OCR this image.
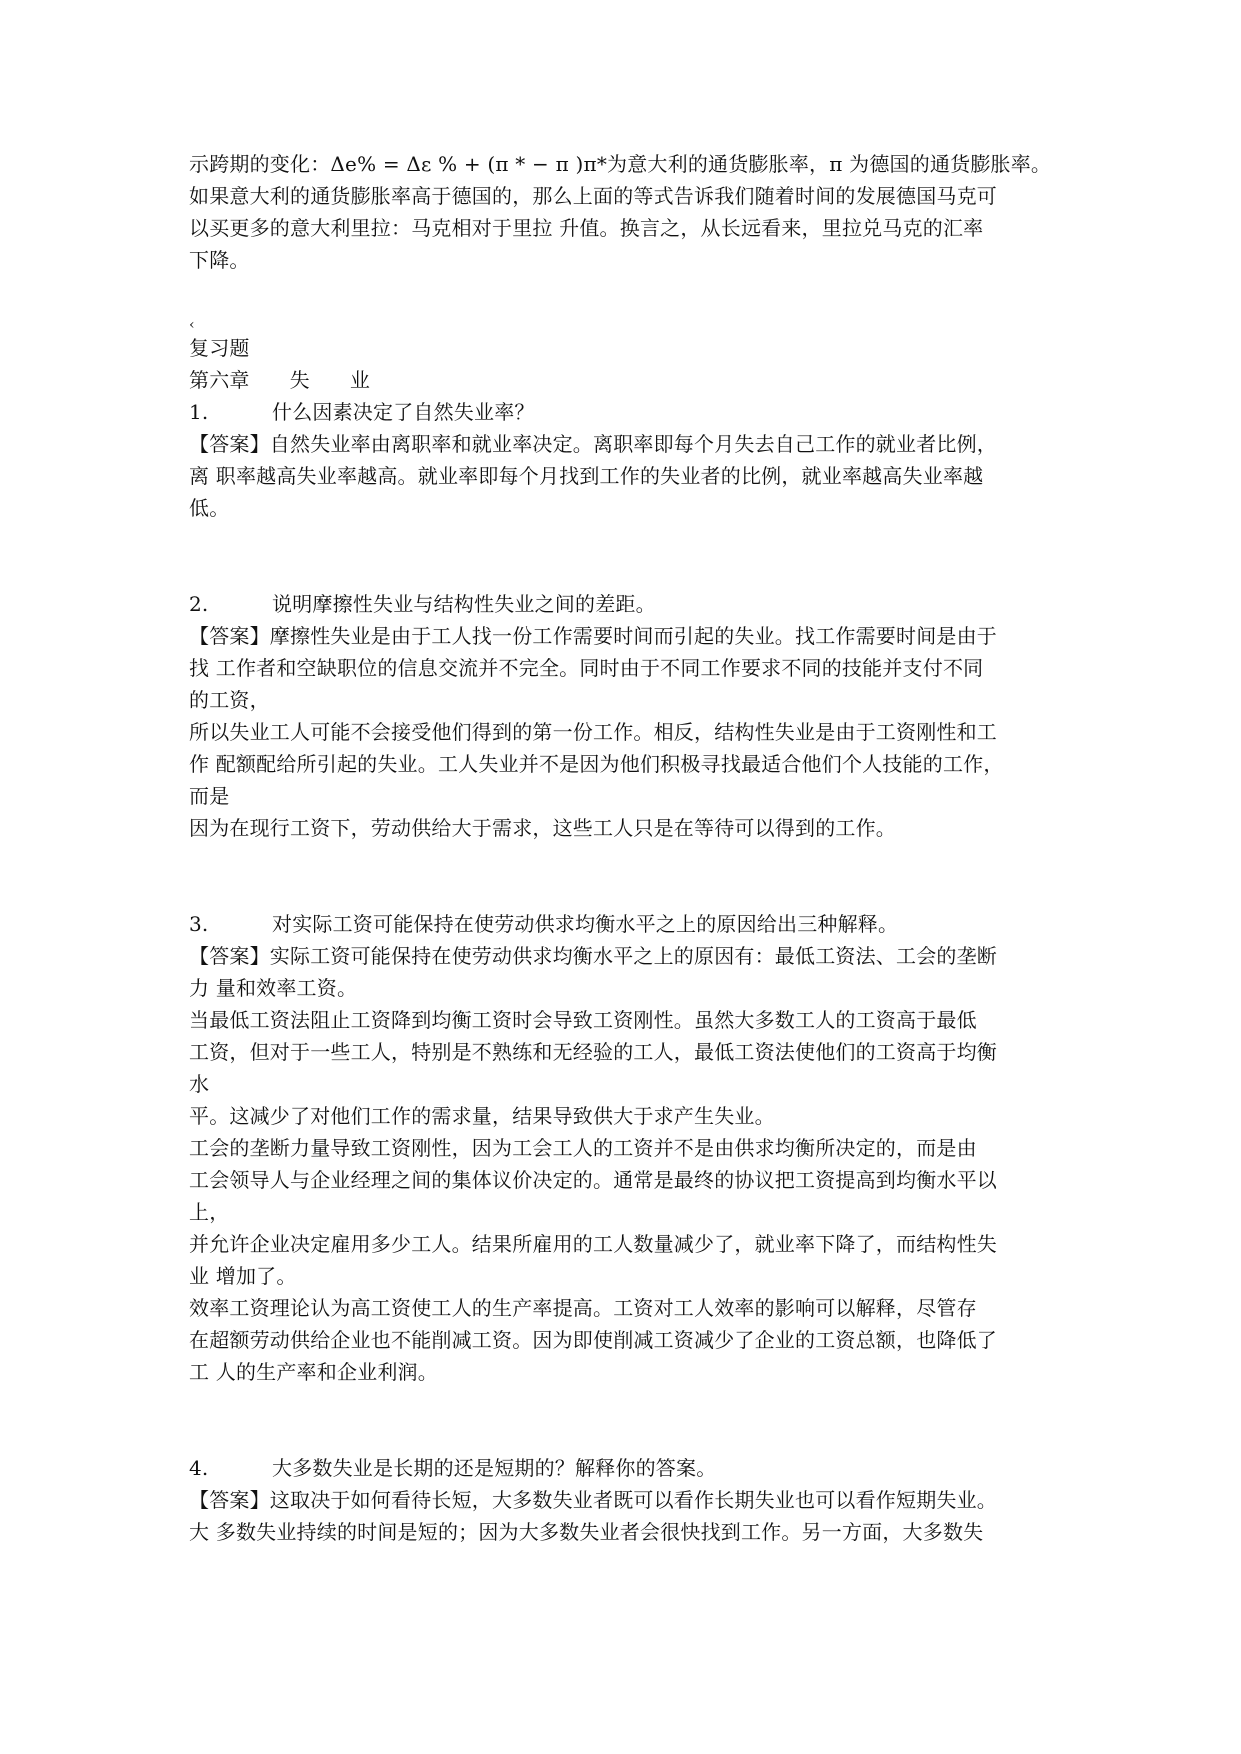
示跨期的变化：Δe% = Δε % + (π * − π )π*为意大利的通货膨胀率，π 为德国的通货膨胀率。
如果意大利的通货膨胀率高于德国的，那么上面的等式告诉我们随着时间的发展德国马克可
以买更多的意大利里拉：马克相对于里拉 升值。换言之，从长远看来，里拉兑马克的汇率
下降。
‹
复习题
第六章 失 业
1.	什么因素决定了自然失业率？
【答案】自然失业率由离职率和就业率决定。离职率即每个月失去自己工作的就业者比例，
离 职率越高失业率越高。就业率即每个月找到工作的失业者的比例，就业率越高失业率越
低。
2.	说明摩擦性失业与结构性失业之间的差距。
【答案】摩擦性失业是由于工人找一份工作需要时间而引起的失业。找工作需要时间是由于
找 工作者和空缺职位的信息交流并不完全。同时由于不同工作要求不同的技能并支付不同
的工资，
所以失业工人可能不会接受他们得到的第一份工作。相反，结构性失业是由于工资刚性和工
作 配额配给所引起的失业。工人失业并不是因为他们积极寻找最适合他们个人技能的工作，
而是
因为在现行工资下，劳动供给大于需求，这些工人只是在等待可以得到的工作。
3.	对实际工资可能保持在使劳动供求均衡水平之上的原因给出三种解释。
【答案】实际工资可能保持在使劳动供求均衡水平之上的原因有：最低工资法、工会的垄断
力 量和效率工资。
当最低工资法阻止工资降到均衡工资时会导致工资刚性。虽然大多数工人的工资高于最低
工资，但对于一些工人，特别是不熟练和无经验的工人，最低工资法使他们的工资高于均衡
水
平。这减少了对他们工作的需求量，结果导致供大于求产生失业。
工会的垄断力量导致工资刚性，因为工会工人的工资并不是由供求均衡所决定的，而是由
工会领导人与企业经理之间的集体议价决定的。通常是最终的协议把工资提高到均衡水平以
上，
并允许企业决定雇用多少工人。结果所雇用的工人数量减少了，就业率下降了，而结构性失
业 增加了。
效率工资理论认为高工资使工人的生产率提高。工资对工人效率的影响可以解释，尽管存
在超额劳动供给企业也不能削减工资。因为即使削减工资减少了企业的工资总额，也降低了
工 人的生产率和企业利润。
4.	大多数失业是长期的还是短期的？解释你的答案。
【答案】这取决于如何看待长短，大多数失业者既可以看作长期失业也可以看作短期失业。
大 多数失业持续的时间是短的；因为大多数失业者会很快找到工作。另一方面，大多数失
